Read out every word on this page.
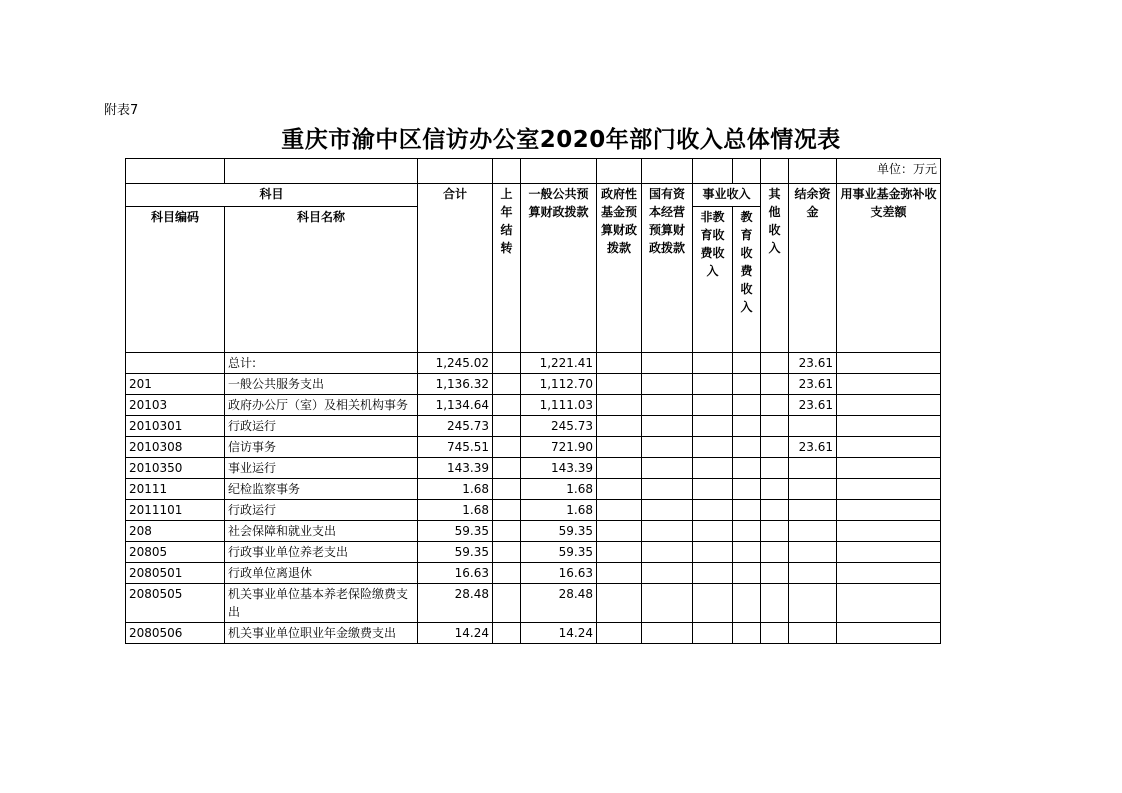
附表7
重庆市渝中区信访办公室2020年部门收入总体情况表
											单位：万元
科目		合计	上年结转	一般公共预算财政拨款	政府性基金预算财政拨款	国有资本经营预算财政拨款	事业收入		其他收入	结余资金	用事业基金弥补收支差额
科目编码	科目名称						非教育收费收入	教育收费收入			

	总计:	1,245.02		1,221.41						23.61	
201	一般公共服务支出	1,136.32		1,112.70						23.61	
20103	政府办公厅（室）及相关机构事务	1,134.64		1,111.03						23.61	
2010301	行政运行	245.73		245.73							
2010308	信访事务	745.51		721.90						23.61	
2010350	事业运行	143.39		143.39							
20111	纪检监察事务	1.68		1.68							
2011101	行政运行	1.68		1.68							
208	社会保障和就业支出	59.35		59.35							
20805	行政事业单位养老支出	59.35		59.35							
2080501	行政单位离退休	16.63		16.63							
2080505	机关事业单位基本养老保险缴费支出	28.48		28.48							
2080506	机关事业单位职业年金缴费支出	14.24		14.24							
